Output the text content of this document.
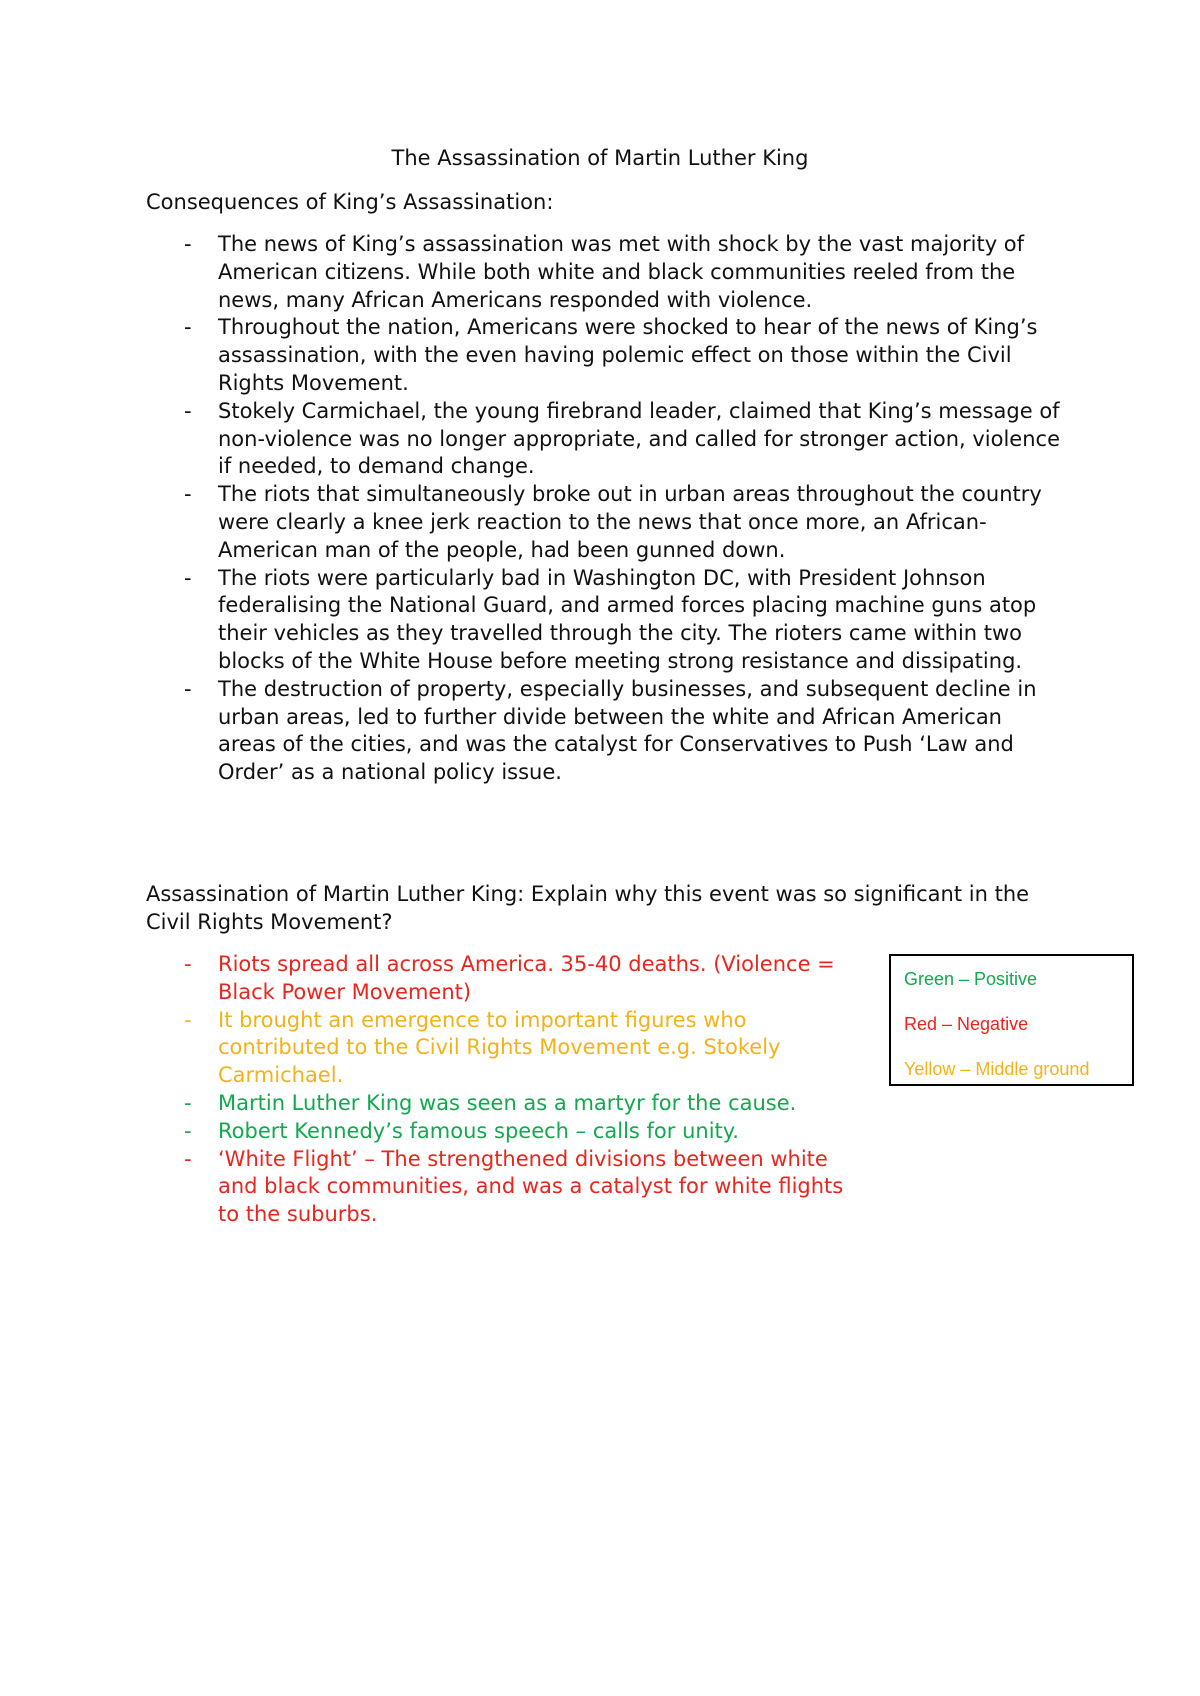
The Assassination of Martin Luther King
Consequences of King’s Assassination:
- The news of King’s assassination was met with shock by the vast majority of American citizens. While both white and black communities reeled from the news, many African Americans responded with violence.
- Throughout the nation, Americans were shocked to hear of the news of King’s assassination, with the even having polemic effect on those within the Civil Rights Movement.
- Stokely Carmichael, the young firebrand leader, claimed that King’s message of non-violence was no longer appropriate, and called for stronger action, violence if needed, to demand change.
- The riots that simultaneously broke out in urban areas throughout the country were clearly a knee jerk reaction to the news that once more, an African-American man of the people, had been gunned down.
- The riots were particularly bad in Washington DC, with President Johnson federalising the National Guard, and armed forces placing machine guns atop their vehicles as they travelled through the city. The rioters came within two blocks of the White House before meeting strong resistance and dissipating.
- The destruction of property, especially businesses, and subsequent decline in urban areas, led to further divide between the white and African American areas of the cities, and was the catalyst for Conservatives to Push ‘Law and Order’ as a national policy issue.
Assassination of Martin Luther King: Explain why this event was so significant in the Civil Rights Movement?
- Riots spread all across America. 35-40 deaths. (Violence = Black Power Movement)
- It brought an emergence to important figures who contributed to the Civil Rights Movement e.g. Stokely Carmichael.
- Martin Luther King was seen as a martyr for the cause.
- Robert Kennedy’s famous speech – calls for unity.
- ‘White Flight’ – The strengthened divisions between white and black communities, and was a catalyst for white flights to the suburbs.
Green – Positive
Red – Negative
Yellow – Middle ground
